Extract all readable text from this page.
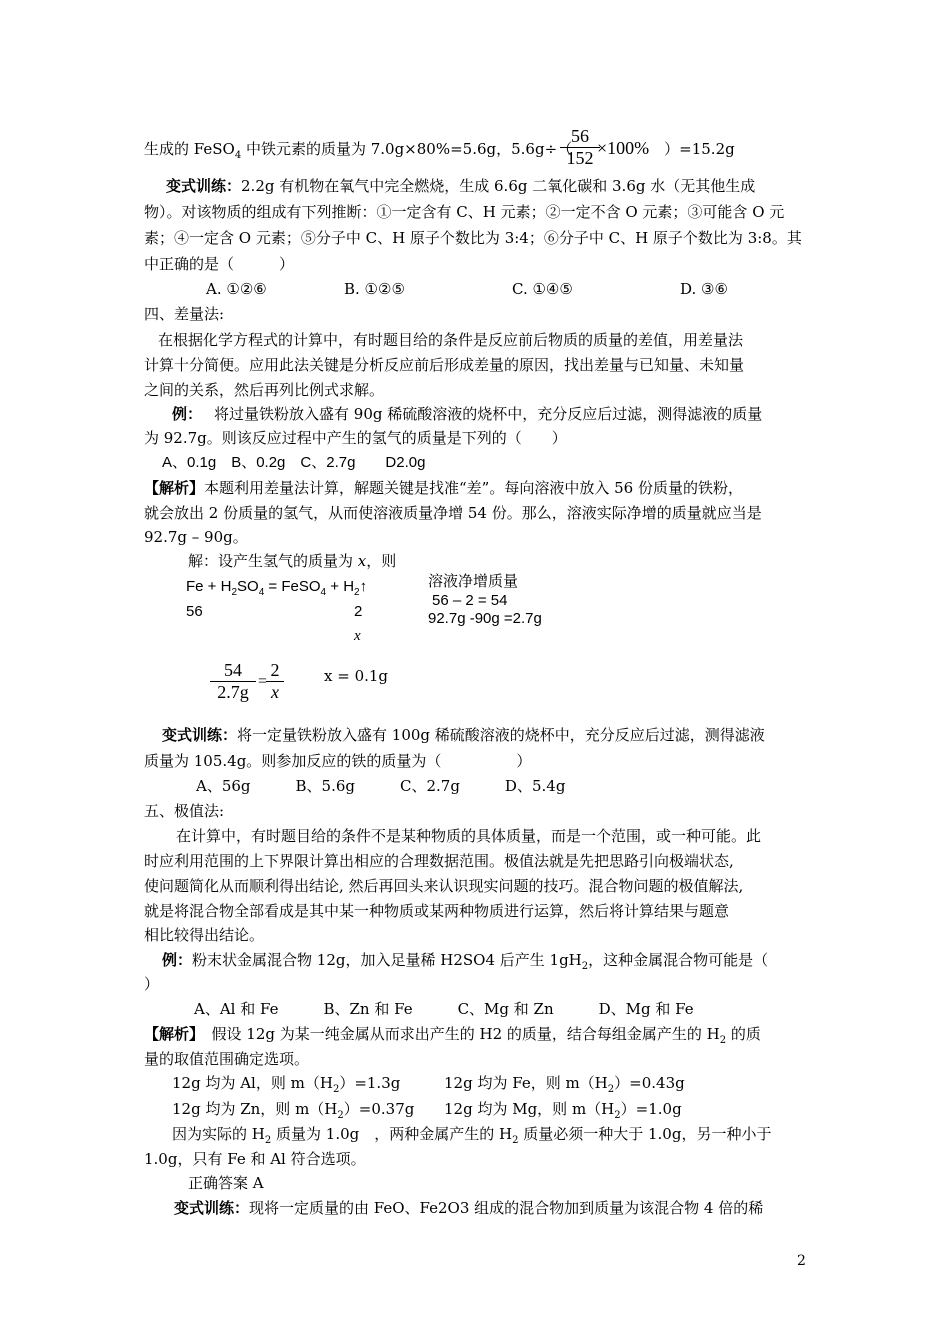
生成的 FeSO$_4$ 中铁元素的质量为 7.0g×80%=5.6g，5.6g÷（	）=15.2g
$\frac{56}{152}$
×100%
变式训练：2.2g 有机物在氧气中完全燃烧，生成 6.6g 二氧化碳和 3.6g 水（无其他生成
物）。对该物质的组成有下列推断：①一定含有 C、H 元素；②一定不含 O 元素；③可能含 O 元
素；④一定含 O 元素；⑤分子中 C、H 原子个数比为 3:4；⑥分子中 C、H 原子个数比为 3:8。其
中正确的是（　　　）
A. ①②⑥	B. ①②⑤	C. ①④⑤	D. ③⑥
四、差量法:
在根据化学方程式的计算中，有时题目给的条件是反应前后物质的质量的差值，用差量法
计算十分简便。应用此法关键是分析反应前后形成差量的原因，找出差量与已知量、未知量
之间的关系，然后再列比例式求解。
例： 将过量铁粉放入盛有 90g 稀硫酸溶液的烧杯中，充分反应后过滤，测得滤液的质量
为 92.7g。则该反应过程中产生的氢气的质量是下列的（　　）
A、0.1g　B、0.2g　C、2.7g　　D2.0g
【解析】本题利用差量法计算，解题关键是找准“差”。每向溶液中放入 56 份质量的铁粉，
就会放出 2 份质量的氢气，从而使溶液质量净增 54 份。那么，溶液实际净增的质量就应当是
92.7g – 90g。
解：设产生氢气的质量为 x，则
$Fe + H_2SO_4$ = FeSO$_4$ + $H_2↑$
56	2
x
溶液净增质量
56 – 2 = 54
92.7g -90g =2.7g
$\frac{54}{2.7g}$ =
$\frac{2}{x}$	x = 0.1g
变式训练：将一定量铁粉放入盛有 100g 稀硫酸溶液的烧杯中，充分反应后过滤，测得滤液
质量为 105.4g。则参加反应的铁的质量为（　　　　　）
A、56g　　　B、5.6g　　　C、2.7g　　　D、5.4g
五、极值法:
在计算中，有时题目给的条件不是某种物质的具体质量，而是一个范围，或一种可能。此
时应利用范围的上下界限计算出相应的合理数据范围。极值法就是先把思路引向极端状态,
使问题简化从而顺利得出结论, 然后再回头来认识现实问题的技巧。混合物问题的极值解法,
就是将混合物全部看成是其中某一种物质或某两种物质进行运算，然后将计算结果与题意
相比较得出结论。
例：粉末状金属混合物 12g，加入足量稀 H2SO4 后产生 $1gH_2$，这种金属混合物可能是（
）
A、Al 和 Fe　　　B、Zn 和 Fe　　　C、Mg 和 Zn　　　D、Mg 和 Fe
【解析】　假设 12g 为某一纯金属从而求出产生的 H2 的质量，结合每组金属产生的 $H_2$ 的质
量的取值范围确定选项。
12g 均为 Al，则 $m(H_2)=1.3g$	12g 均为 Fe，则 $m(H_2)=0.43g$
12g 均为 Zn，则 $m(H_2)=0.37g$ 12g 均为 Mg，则 $m(H_2)=1.0g$
因为实际的 $H_2$ 质量为 1.0g　，两种金属产生的 $H_2$ 质量必须一种大于 1.0g，另一种小于
1.0g，只有 Fe 和 Al 符合选项。
正确答案 A
变式训练：现将一定质量的由 FeO、Fe2O3 组成的混合物加到质量为该混合物 4 倍的稀
2
